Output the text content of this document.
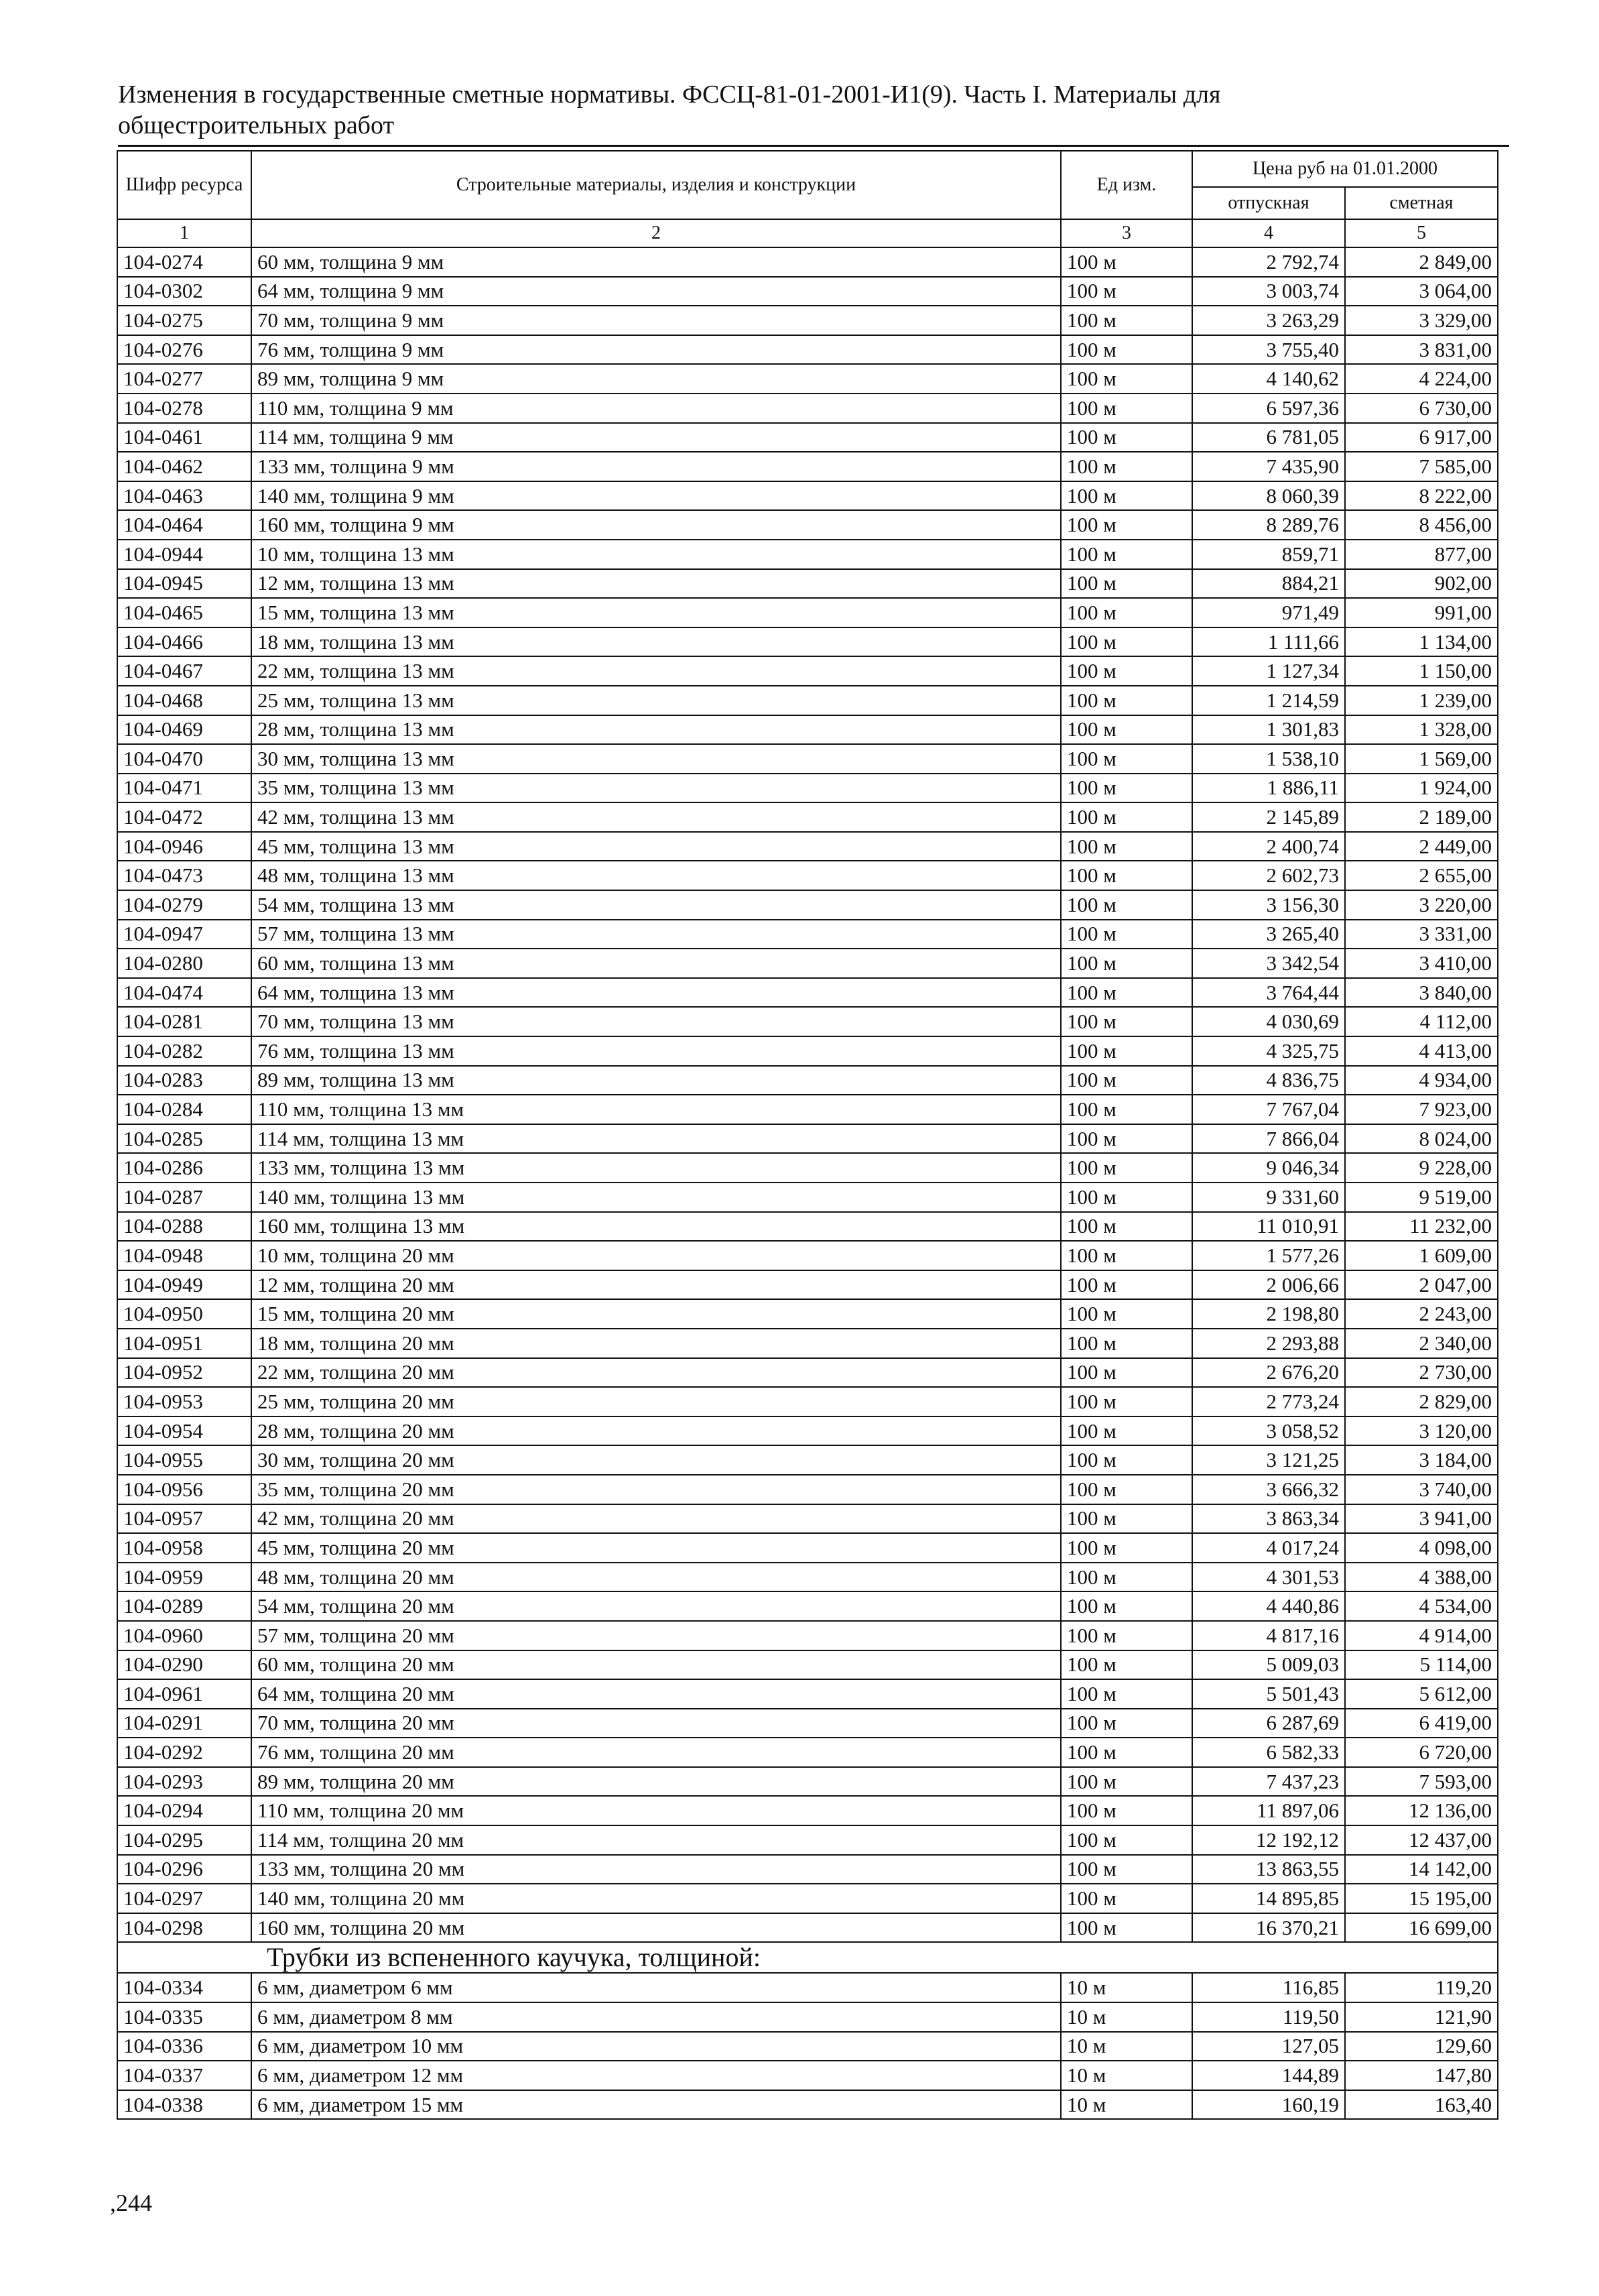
Изменения в государственные сметные нормативы. ФССЦ-81-01-2001-И1(9). Часть I. Материалы для
общестроительных работ
Шифр ресурса	Строительные материалы, изделия и конструкции	Ед изм.	Цена руб на 01.01.2000	
			отпускная	сметная
1	2	3	4	5
104-0274	60 мм, толщина 9 мм	100 м	2 792,74	2 849,00
104-0302	64 мм, толщина 9 мм	100 м	3 003,74	3 064,00
104-0275	70 мм, толщина 9 мм	100 м	3 263,29	3 329,00
104-0276	76 мм, толщина 9 мм	100 м	3 755,40	3 831,00
104-0277	89 мм, толщина 9 мм	100 м	4 140,62	4 224,00
104-0278	110 мм, толщина 9 мм	100 м	6 597,36	6 730,00
104-0461	114 мм, толщина 9 мм	100 м	6 781,05	6 917,00
104-0462	133 мм, толщина 9 мм	100 м	7 435,90	7 585,00
104-0463	140 мм, толщина 9 мм	100 м	8 060,39	8 222,00
104-0464	160 мм, толщина 9 мм	100 м	8 289,76	8 456,00
104-0944	10 мм, толщина 13 мм	100 м	859,71	877,00
104-0945	12 мм, толщина 13 мм	100 м	884,21	902,00
104-0465	15 мм, толщина 13 мм	100 м	971,49	991,00
104-0466	18 мм, толщина 13 мм	100 м	1 111,66	1 134,00
104-0467	22 мм, толщина 13 мм	100 м	1 127,34	1 150,00
104-0468	25 мм, толщина 13 мм	100 м	1 214,59	1 239,00
104-0469	28 мм, толщина 13 мм	100 м	1 301,83	1 328,00
104-0470	30 мм, толщина 13 мм	100 м	1 538,10	1 569,00
104-0471	35 мм, толщина 13 мм	100 м	1 886,11	1 924,00
104-0472	42 мм, толщина 13 мм	100 м	2 145,89	2 189,00
104-0946	45 мм, толщина 13 мм	100 м	2 400,74	2 449,00
104-0473	48 мм, толщина 13 мм	100 м	2 602,73	2 655,00
104-0279	54 мм, толщина 13 мм	100 м	3 156,30	3 220,00
104-0947	57 мм, толщина 13 мм	100 м	3 265,40	3 331,00
104-0280	60 мм, толщина 13 мм	100 м	3 342,54	3 410,00
104-0474	64 мм, толщина 13 мм	100 м	3 764,44	3 840,00
104-0281	70 мм, толщина 13 мм	100 м	4 030,69	4 112,00
104-0282	76 мм, толщина 13 мм	100 м	4 325,75	4 413,00
104-0283	89 мм, толщина 13 мм	100 м	4 836,75	4 934,00
104-0284	110 мм, толщина 13 мм	100 м	7 767,04	7 923,00
104-0285	114 мм, толщина 13 мм	100 м	7 866,04	8 024,00
104-0286	133 мм, толщина 13 мм	100 м	9 046,34	9 228,00
104-0287	140 мм, толщина 13 мм	100 м	9 331,60	9 519,00
104-0288	160 мм, толщина 13 мм	100 м	11 010,91	11 232,00
104-0948	10 мм, толщина 20 мм	100 м	1 577,26	1 609,00
104-0949	12 мм, толщина 20 мм	100 м	2 006,66	2 047,00
104-0950	15 мм, толщина 20 мм	100 м	2 198,80	2 243,00
104-0951	18 мм, толщина 20 мм	100 м	2 293,88	2 340,00
104-0952	22 мм, толщина 20 мм	100 м	2 676,20	2 730,00
104-0953	25 мм, толщина 20 мм	100 м	2 773,24	2 829,00
104-0954	28 мм, толщина 20 мм	100 м	3 058,52	3 120,00
104-0955	30 мм, толщина 20 мм	100 м	3 121,25	3 184,00
104-0956	35 мм, толщина 20 мм	100 м	3 666,32	3 740,00
104-0957	42 мм, толщина 20 мм	100 м	3 863,34	3 941,00
104-0958	45 мм, толщина 20 мм	100 м	4 017,24	4 098,00
104-0959	48 мм, толщина 20 мм	100 м	4 301,53	4 388,00
104-0289	54 мм, толщина 20 мм	100 м	4 440,86	4 534,00
104-0960	57 мм, толщина 20 мм	100 м	4 817,16	4 914,00
104-0290	60 мм, толщина 20 мм	100 м	5 009,03	5 114,00
104-0961	64 мм, толщина 20 мм	100 м	5 501,43	5 612,00
104-0291	70 мм, толщина 20 мм	100 м	6 287,69	6 419,00
104-0292	76 мм, толщина 20 мм	100 м	6 582,33	6 720,00
104-0293	89 мм, толщина 20 мм	100 м	7 437,23	7 593,00
104-0294	110 мм, толщина 20 мм	100 м	11 897,06	12 136,00
104-0295	114 мм, толщина 20 мм	100 м	12 192,12	12 437,00
104-0296	133 мм, толщина 20 мм	100 м	13 863,55	14 142,00
104-0297	140 мм, толщина 20 мм	100 м	14 895,85	15 195,00
104-0298	160 мм, толщина 20 мм	100 м	16 370,21	16 699,00
Трубки из вспененного каучука, толщиной:				
104-0334	6 мм, диаметром 6 мм	10 м	116,85	119,20
104-0335	6 мм, диаметром 8 мм	10 м	119,50	121,90
104-0336	6 мм, диаметром 10 мм	10 м	127,05	129,60
104-0337	6 мм, диаметром 12 мм	10 м	144,89	147,80
104-0338	6 мм, диаметром 15 мм	10 м	160,19	163,40
,244
